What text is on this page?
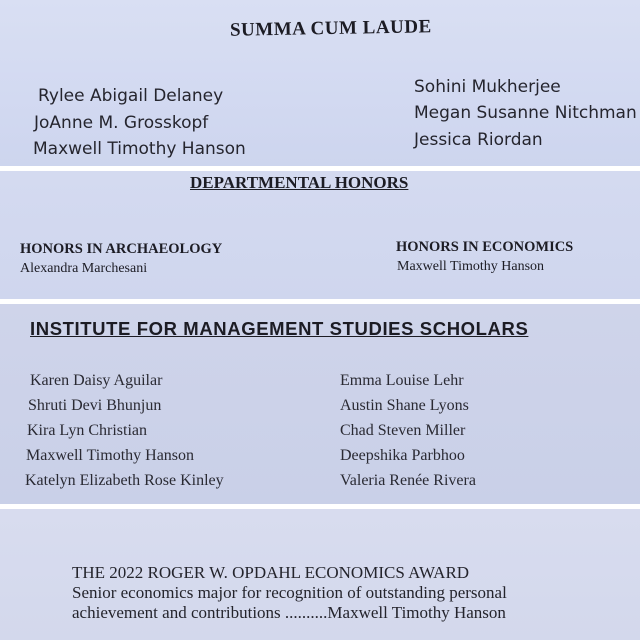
SUMMA CUM LAUDE
Rylee Abigail Delaney
JoAnne M. Grosskopf
Maxwell Timothy Hanson
Sohini Mukherjee
Megan Susanne Nitchman
Jessica Riordan
DEPARTMENTAL HONORS
HONORS IN ARCHAEOLOGY
Alexandra Marchesani
HONORS IN ECONOMICS
Maxwell Timothy Hanson
INSTITUTE FOR MANAGEMENT STUDIES SCHOLARS
Karen Daisy Aguilar
Shruti Devi Bhunjun
Kira Lyn Christian
Maxwell Timothy Hanson
Katelyn Elizabeth Rose Kinley
Emma Louise Lehr
Austin Shane Lyons
Chad Steven Miller
Deepshika Parbhoo
Valeria Renée Rivera
THE 2022 ROGER W. OPDAHL ECONOMICS AWARD
Senior economics major for recognition of outstanding personal
achievement and contributions ..........Maxwell Timothy Hanson
